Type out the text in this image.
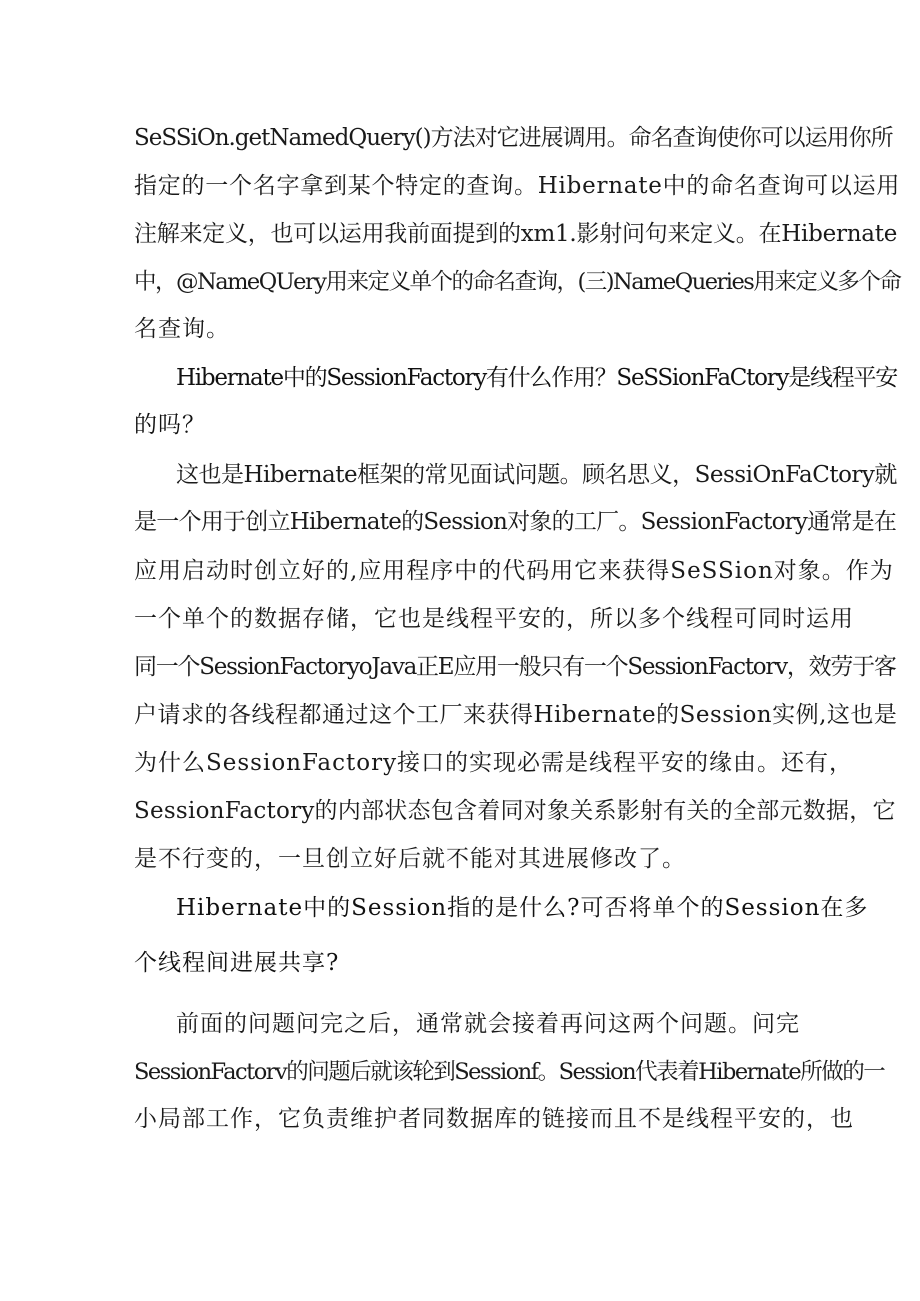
SeSSiOn.getNamedQuery()方法对它进展调用。命名查询使你可以运用你所
指定的一个名字拿到某个特定的查询。Hibernate中的命名查询可以运用
注解来定义，也可以运用我前面提到的xm1.影射问句来定义。在Hibernate
中，@NameQUery用来定义单个的命名查询，(三)NameQueries用来定义多个命
名查询。
Hibernate中的SessionFactory有什么作用？SeSSionFaCtory是线程平安
的吗？
这也是Hibernate框架的常见面试问题。顾名思义，SessiOnFaCtory就
是一个用于创立Hibernate的Session对象的工厂。SessionFactory通常是在
应用启动时创立好的,应用程序中的代码用它来获得SeSSion对象。作为
一个单个的数据存储，它也是线程平安的，所以多个线程可同时运用
同一个SessionFactoryoJava正E应用一般只有一个SessionFactorv，效劳于客
户请求的各线程都通过这个工厂来获得Hibernate的Session实例,这也是
为什么SessionFactory接口的实现必需是线程平安的缘由。还有，
SessionFactory的内部状态包含着同对象关系影射有关的全部元数据，它
是不行变的，一旦创立好后就不能对其进展修改了。
Hibernate中的Session指的是什么?可否将单个的Session在多
个线程间进展共享?
前面的问题问完之后，通常就会接着再问这两个问题。问完
SessionFactorv的问题后就该轮到Sessionf。Session代表着Hibernate所做的一
小局部工作，它负责维护者同数据库的链接而且不是线程平安的，也
